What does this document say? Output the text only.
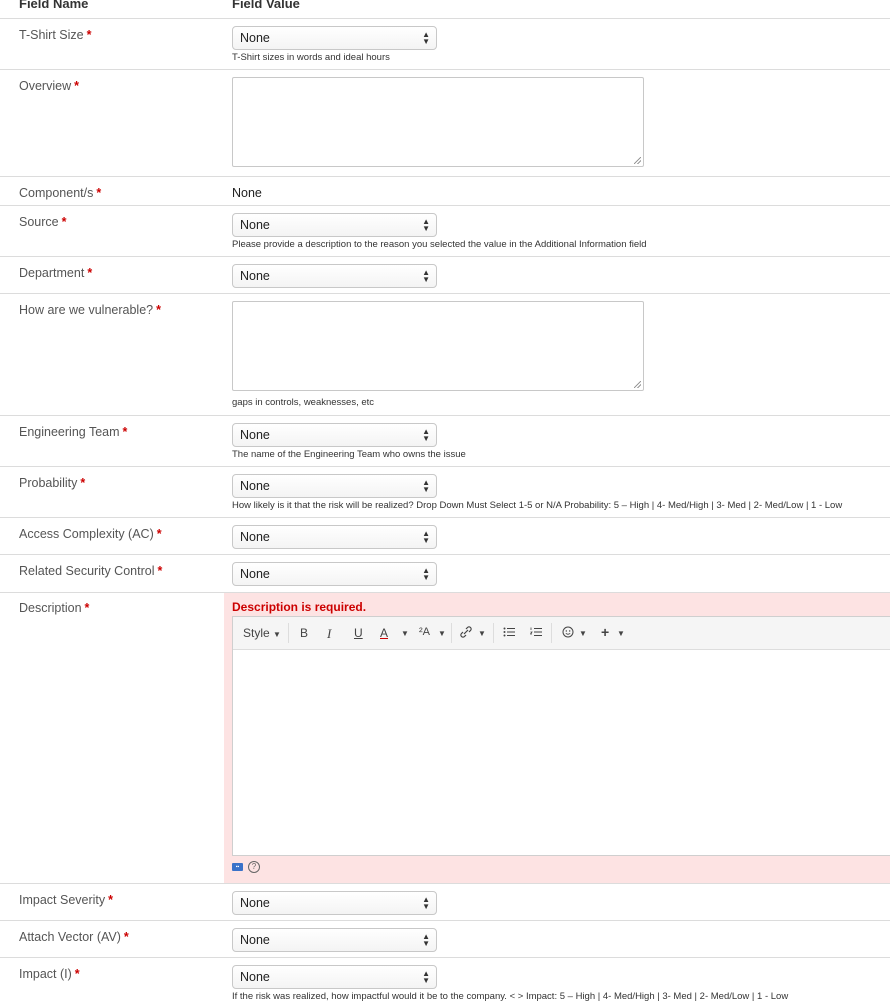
Field Name	Field Value
T-Shirt Size *	None	▲
▼
T-Shirt sizes in words and ideal hours
Overview *
Component/s *	None
Source *	None	▲
▼
Please provide a description to the reason you selected the value in the Additional Information field
Department *	None	▲
▼
How are we vulnerable? *
gaps in controls, weaknesses, etc
Engineering Team *	None	▲
▼
The name of the Engineering Team who owns the issue
Probability *	None	▲
▼
How likely is it that the risk will be realized? Drop Down Must Select 1-5 or N/A Probability: 5 – High | 4- Med/High | 3- Med | 2- Med/Low | 1 - Low
Access Complexity (AC) *	None	▲
▼
Related Security Control *	None	▲
▼
Description *	Description is required.
Style ▼ B I U A ▼ ²A ▼	▼	▼ + ▼
▪▪	?
Impact Severity *	None	▲
▼
Attach Vector (AV) *	None	▲
▼
Impact (I) *	None	▲
▼
If the risk was realized, how impactful would it be to the company. < > Impact: 5 – High | 4- Med/High | 3- Med | 2- Med/Low | 1 - Low
